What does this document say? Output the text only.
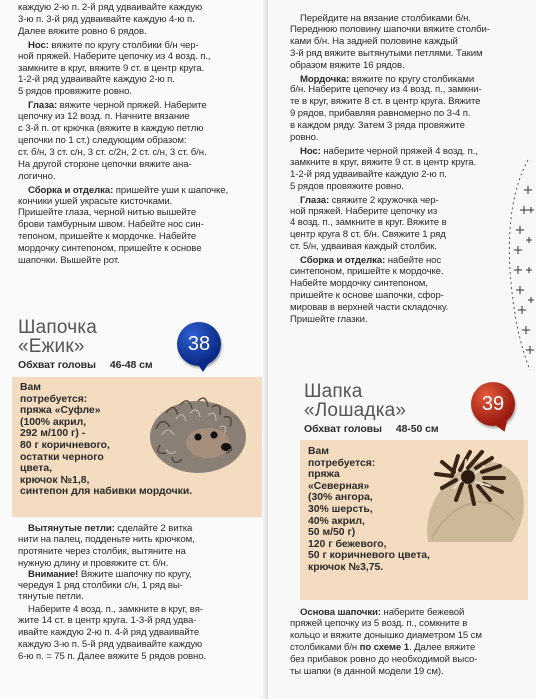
каждую 2-ю п. 2-й ряд удваивайте каждую

3-ю п. 3-й ряд удваивайте каждую 4-ю п.

Далее вяжите ровно 6 рядов.

Нос: вяжите по кругу столбики б/н чер-

ной пряжей. Наберите цепочку из 4 возд. п.,

замкните в круг, вяжите 9 ст. в центр круга.

1-2-й ряд удваивайте каждую 2-ю п.

5 рядов провяжите ровно.

Глаза: вяжите черной пряжей. Наберите

цепочку из 12 возд. п. Начните вязание

с 3-й п. от крючка (вяжите в каждую петлю

цепочки по 1 ст.) следующим образом:

ст. б/н, 3 ст. с/н, 3 ст. с/2н, 2 ст. с/н, 3 ст. б/н.

На другой стороне цепочки вяжите ана-

логично.

Сборка и отделка: пришейте уши к шапочке,

кончики ушей украсьте кисточками.

Пришейте глаза, черной нитью вышейте

брови тамбурным швом. Набейте нос син-

тепоном, пришейте к мордочке. Набейте

мордочку синтепоном, пришейте к основе

шапочки. Вышейте рот.

Шапочка
«Ежик»
Обхват головы 46-48 см
38
Вам
потребуется:
пряжа «Суфле»
(100% акрил,
292 м/100 г) -
80 г коричневого,
остатки черного
цвета,
крючок №1,8,
синтепон для набивки мордочки.

Вытянутые петли: сделайте 2 витка

нити на палец, подденьте нить крючком,

протяните через столбик, вытяните на

нужную длину и провяжите ст. б/н.

Внимание! Вяжите шапочку по кругу,

чередуя 1 ряд столбики с/н, 1 ряд вы-

тянутые петли.

Наберите 4 возд. п., замкните в круг, вя-

жите 14 ст. в центр круга. 1-3-й ряд удва-

ивайте каждую 2-ю п. 4-й ряд удваивайте

каждую 3-ю п. 5-й ряд удваивайте каждую

6-ю п. = 75 п. Далее вяжите 5 рядов ровно.

Перейдите на вязание столбиками б/н.

Переднюю половину шапочки вяжите столби-

ками б/н. На задней половине каждый

3-й ряд вяжите вытянутыми петлями. Таким

образом вяжите 16 рядов.

Мордочка: вяжите по кругу столбиками

б/н. Наберите цепочку из 4 возд. п., замкни-

те в круг, вяжите 8 ст. в центр круга. Вяжите

9 рядов, прибавляя равномерно по 3-4 п.

в каждом ряду. Затем 3 ряда провяжите

ровно.

Нос: наберите черной пряжей 4 возд. п.,

замкните в круг, вяжите 9 ст. в центр круга.

1-2-й ряд удваивайте каждую 2-ю п.

5 рядов провяжите ровно.

Глаза: свяжите 2 кружочка чер-

ной пряжей. Наберите цепочку из

4 возд. п., замкните в круг. Вяжите в

центр круга 8 ст. б/н. Свяжите 1 ряд

ст. 5/н, удваивая каждый столбик.

Сборка и отделка: набейте нос

синтепоном, пришейте к мордочке.

Набейте мордочку синтепоном,

пришейте к основе шапочки, сфор-

мировав в верхней части складочку.

Пришейте глазки.

Шапка
«Лошадка»
Обхват головы 48-50 см
39
Вам
потребуется:
пряжа
«Северная»
(30% ангора,
30% шерсть,
40% акрил,
50 м/50 г)
120 г бежевого,
50 г коричневого цвета,
крючок №3,75.

Основа шапочки: наберите бежевой

пряжей цепочку из 5 возд. п., сомкните в

кольцо и вяжите донышко диаметром 15 см

столбиками б/н по схеме 1. Далее вяжите

без прибавок ровно до необходимой высо-

ты шапки (в данной модели 19 см).
